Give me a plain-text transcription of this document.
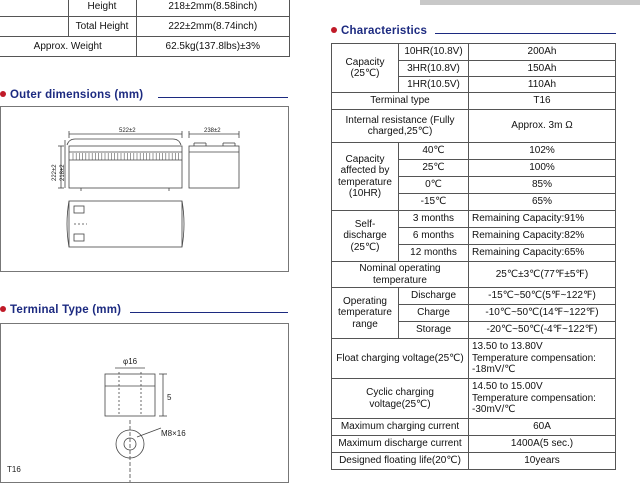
	Height	218±2mm(8.58inch)
	Total Height	222±2mm(8.74inch)
Approx. Weight		62.5kg(137.8lbs)±3%
Outer dimensions (mm)
522±2	238±2
222±2 218±2
Terminal Type (mm)
φ16
5
M8×16
T16
Characteristics
Capacity (25℃)	10HR(10.8V)	200Ah
	3HR(10.8V)	150Ah
	1HR(10.5V)	110Ah
Terminal type		T16
Internal resistance (Fully charged,25℃)		Approx. 3m Ω
Capacity affected by temperature (10HR)	40℃	102%
	25℃	100%
	0℃	85%
	-15℃	65%
Self-discharge (25℃)	3 months	Remaining Capacity:91%
	6 months	Remaining Capacity:82%
	12 months	Remaining Capacity:65%
Nominal operating temperature		25℃±3℃(77℉±5℉)
Operating temperature range	Discharge	-15℃~50℃(5℉~122℉)
	Charge	-10℃~50℃(14℉~122℉)
	Storage	-20℃~50℃(-4℉~122℉)
Float charging voltage(25℃)		13.50 to 13.80V
Temperature compensation:
-18mV/℃

Cyclic charging voltage(25℃)		14.50 to 15.00V
Temperature compensation:
-30mV/℃

Maximum charging current		60A
Maximum discharge current		1400A(5 sec.)
Designed floating life(20℃)		10years
